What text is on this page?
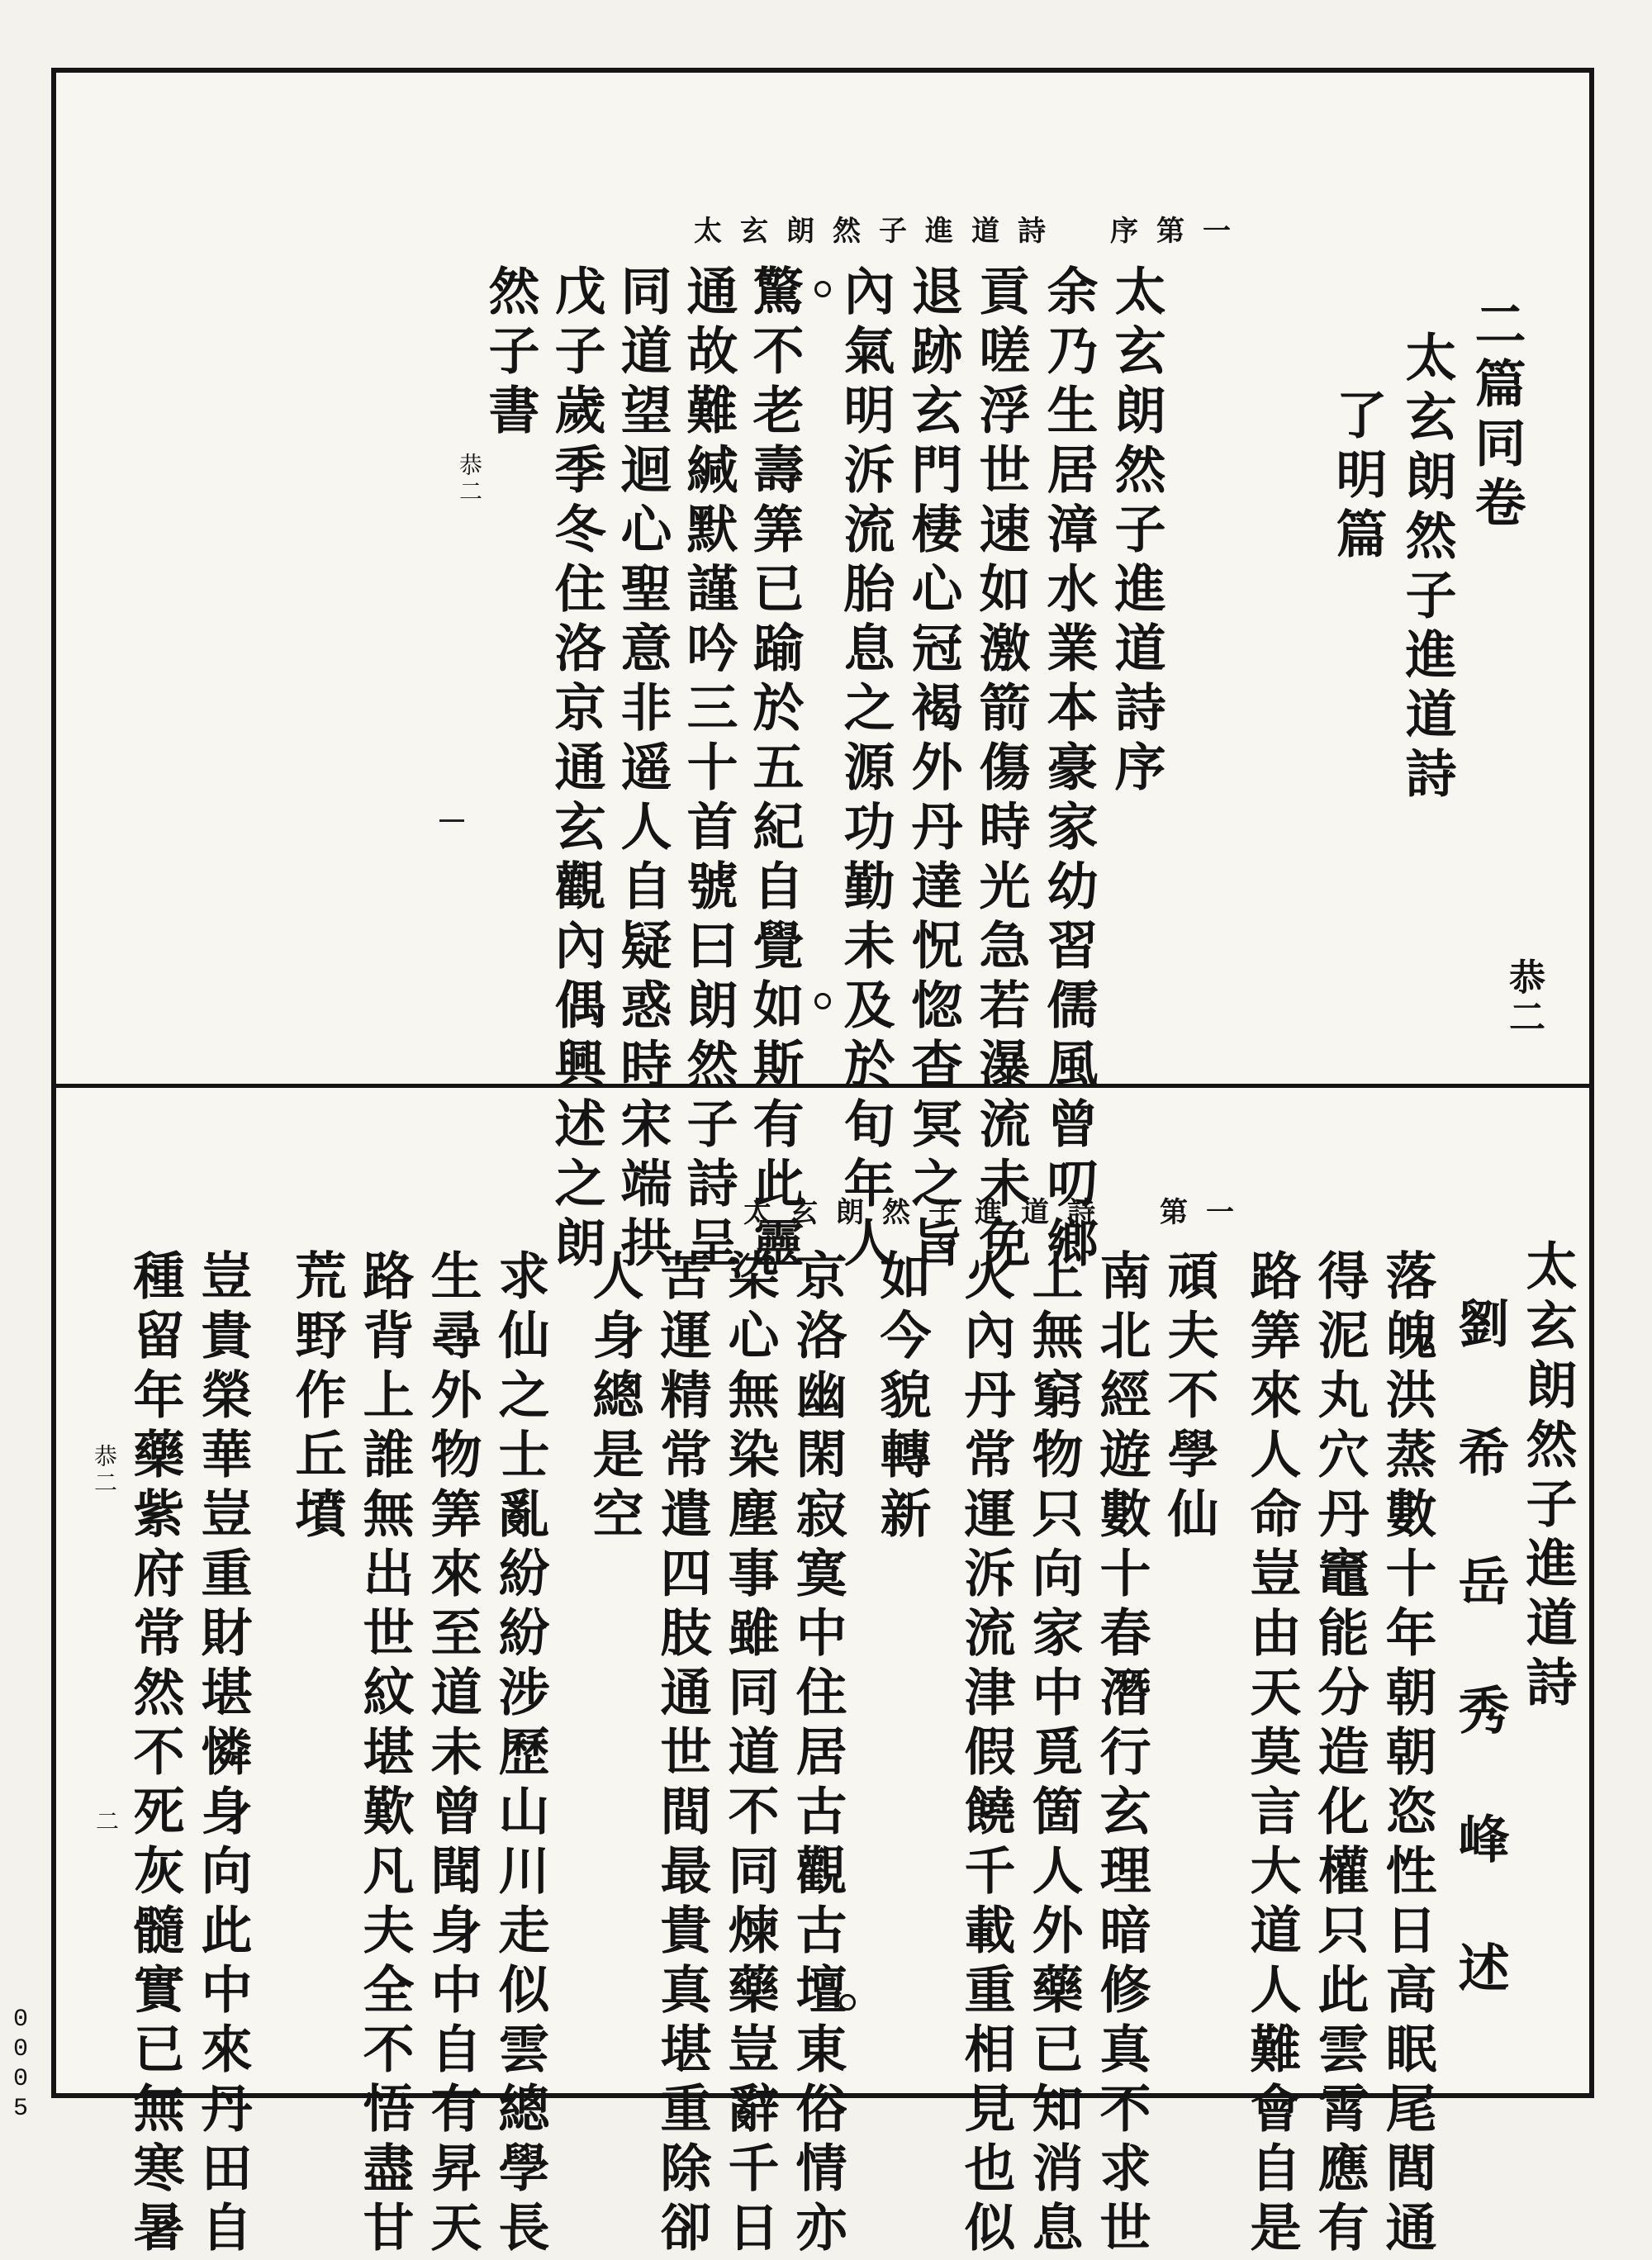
太玄朗然子進道詩　序第一
二篇同卷
太玄朗然子進道詩
了明篇
太玄朗然子進道詩序
余乃生居漳水業本豪家幼習儒風曾叨鄉
貢嗟浮世速如激箭傷時光急若瀑流未免
退跡玄門棲心冠褐外丹達怳惚杳冥之旨
內氣明泝流胎息之源功勤未及於旬年人
驚不老壽筭已踰於五紀自覺如斯有此靈
通故難緘默謹吟三十首號曰朗然子詩呈
同道望迴心聖意非遥人自疑惑時宋端拱
戊子歲季冬住洛京通玄觀內偶興述之朗
然子書
恭二
恭二
太玄朗然子進道詩　第一
太玄朗然子進道詩
劉　希　岳　秀　峰　述
落魄洪蒸數十年朝朝恣性日高眠尾閭通
得泥丸穴丹竈能分造化權只此雲霄應有
路筭來人命豈由天莫言大道人難會自是
頑夫不學仙
南北經遊數十春潛行玄理暗修真不求世
上無窮物只向家中覓箇人外藥已知消息
火內丹常運泝流津假饒千載重相見也似
如今貌轉新
京洛幽閑寂寞中住居古觀古壇東俗情亦
染心無染塵事雖同道不同煉藥豈辭千日
苦運精常遣四肢通世間最貴真堪重除卻
人身總是空
求仙之士亂紛紛涉歷山川走似雲總學長
生尋外物筭來至道未曾聞身中自有昇天
路背上誰無出世紋堪歎凡夫全不悟盡甘
荒野作丘墳
豈貴榮華豈重財堪憐身向此中來丹田自
種留年藥紫府常然不死灰髓實已無寒暑
恭二
二
0005
